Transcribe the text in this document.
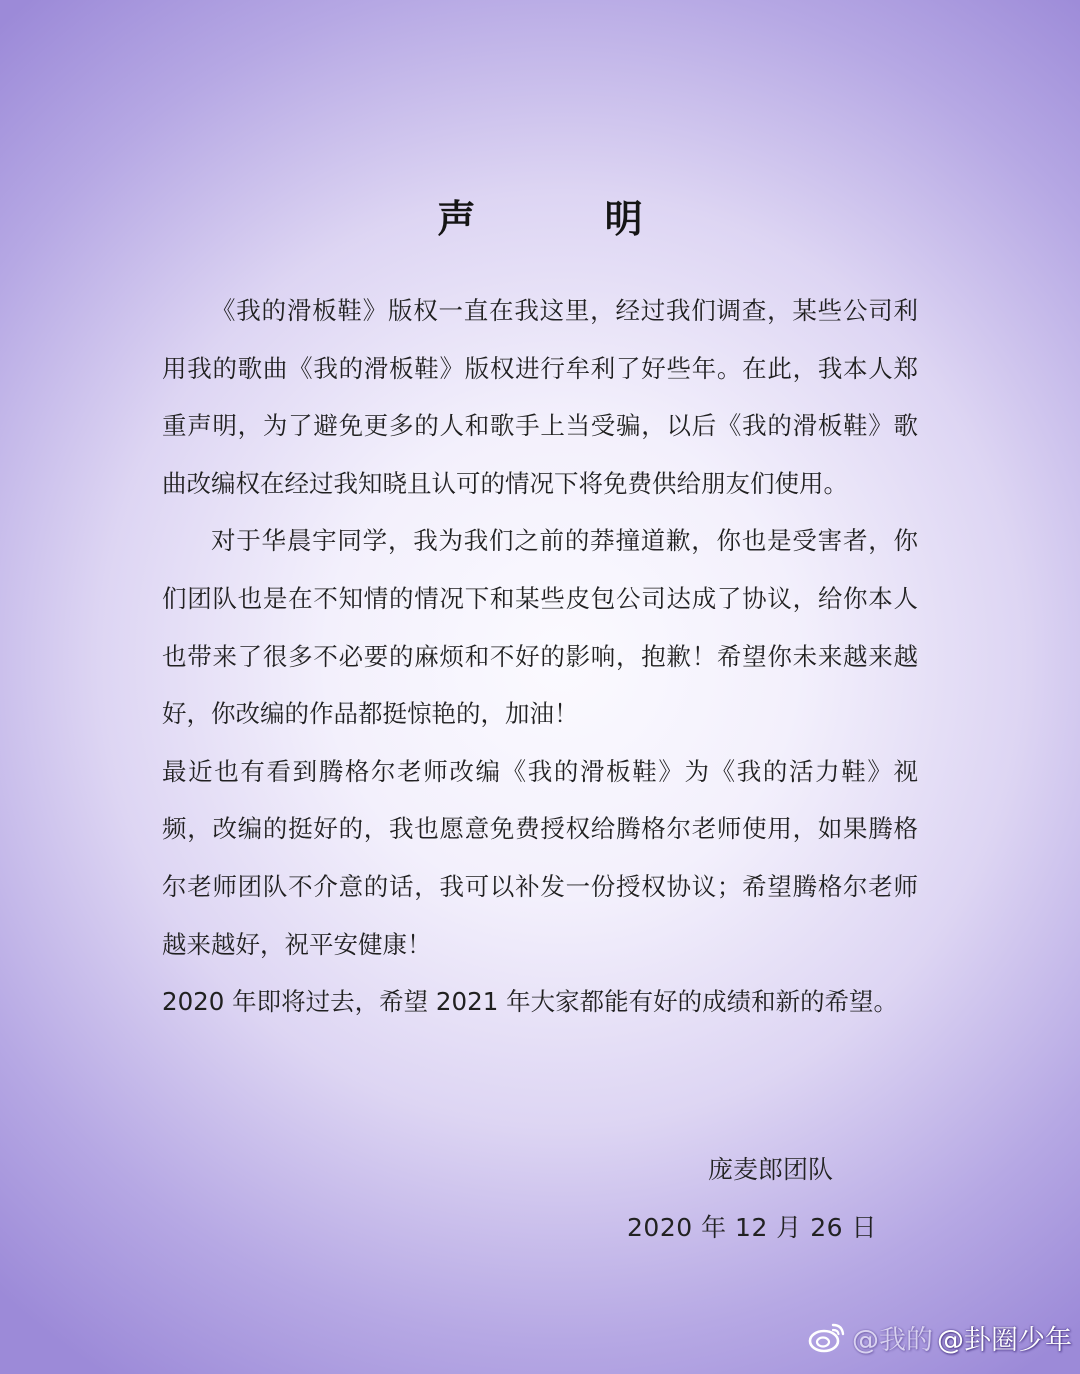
声 明

《我的滑板鞋》版权一直在我这里，经过我们调查，某些公司利用我的歌曲《我的滑板鞋》版权进行牟利了好些年。在此，我本人郑重声明，为了避免更多的人和歌手上当受骗，以后《我的滑板鞋》歌曲改编权在经过我知晓且认可的情况下将免费供给朋友们使用。

对于华晨宇同学，我为我们之前的莽撞道歉，你也是受害者，你们团队也是在不知情的情况下和某些皮包公司达成了协议，给你本人也带来了很多不必要的麻烦和不好的影响，抱歉！希望你未来越来越好，你改编的作品都挺惊艳的，加油！

最近也有看到腾格尔老师改编《我的滑板鞋》为《我的活力鞋》视频，改编的挺好的，我也愿意免费授权给腾格尔老师使用，如果腾格尔老师团队不介意的话，我可以补发一份授权协议；希望腾格尔老师越来越好，祝平安健康！

2020 年即将过去，希望 2021 年大家都能有好的成绩和新的希望。

庞麦郎团队
2020 年 12 月 26 日
@我的 @卦圈少年
